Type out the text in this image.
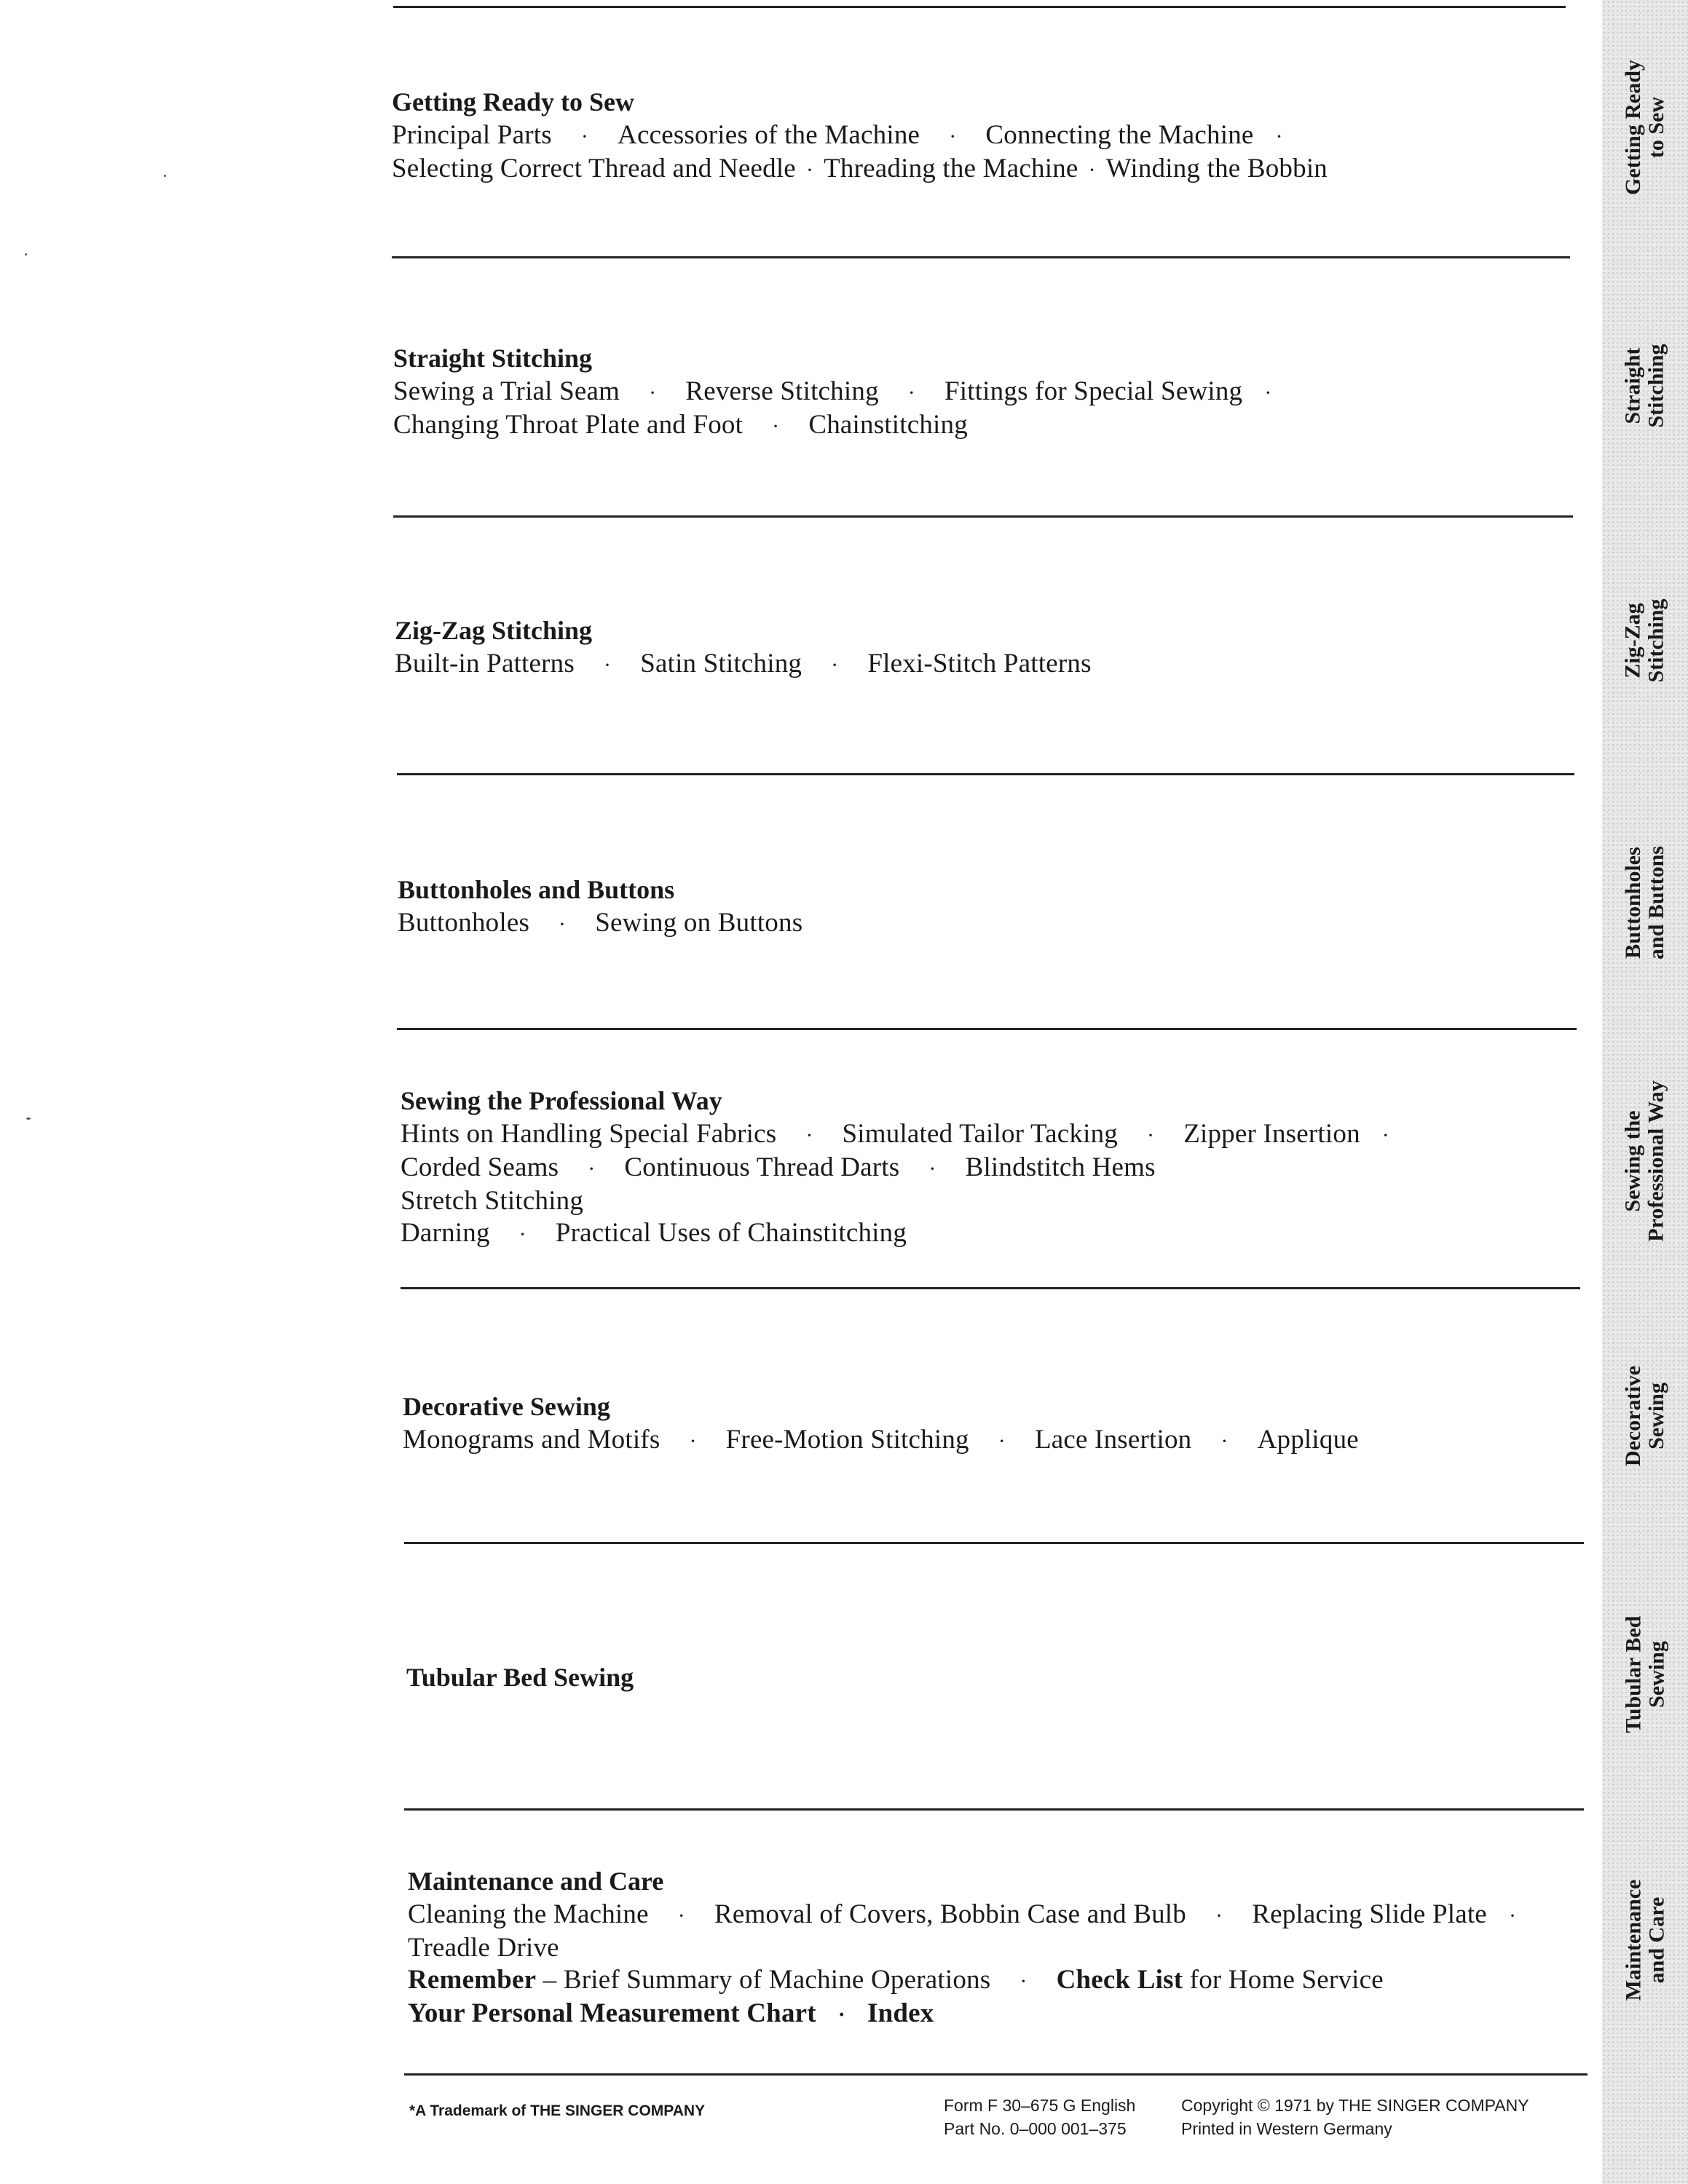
Getting Ready to Sew
Principal Parts · Accessories of the Machine · Connecting the Machine ·
Selecting Correct Thread and Needle · Threading the Machine · Winding the Bobbin
Straight Stitching
Sewing a Trial Seam · Reverse Stitching · Fittings for Special Sewing ·
Changing Throat Plate and Foot · Chainstitching
Zig-Zag Stitching
Built-in Patterns · Satin Stitching · Flexi-Stitch Patterns
Buttonholes and Buttons
Buttonholes · Sewing on Buttons
Sewing the Professional Way
Hints on Handling Special Fabrics · Simulated Tailor Tacking · Zipper Insertion ·
Corded Seams · Continuous Thread Darts · Blindstitch Hems
Stretch Stitching
Darning · Practical Uses of Chainstitching
Decorative Sewing
Monograms and Motifs · Free-Motion Stitching · Lace Insertion · Applique
Tubular Bed Sewing
Maintenance and Care
Cleaning the Machine · Removal of Covers, Bobbin Case and Bulb · Replacing Slide Plate ·
Treadle Drive
Remember – Brief Summary of Machine Operations · Check List for Home Service
Your Personal Measurement Chart · Index
Getting Ready to Sew
Straight Stitching
Zig-Zag Stitching
Buttonholes and Buttons
Sewing the Professional Way
Decorative Sewing
Tubular Bed Sewing
Maintenance and Care
*A Trademark of THE SINGER COMPANY	Form F 30–675 G English
Part No. 0–000 001–375
Copyright © 1971 by THE SINGER COMPANY
Printed in Western Germany
